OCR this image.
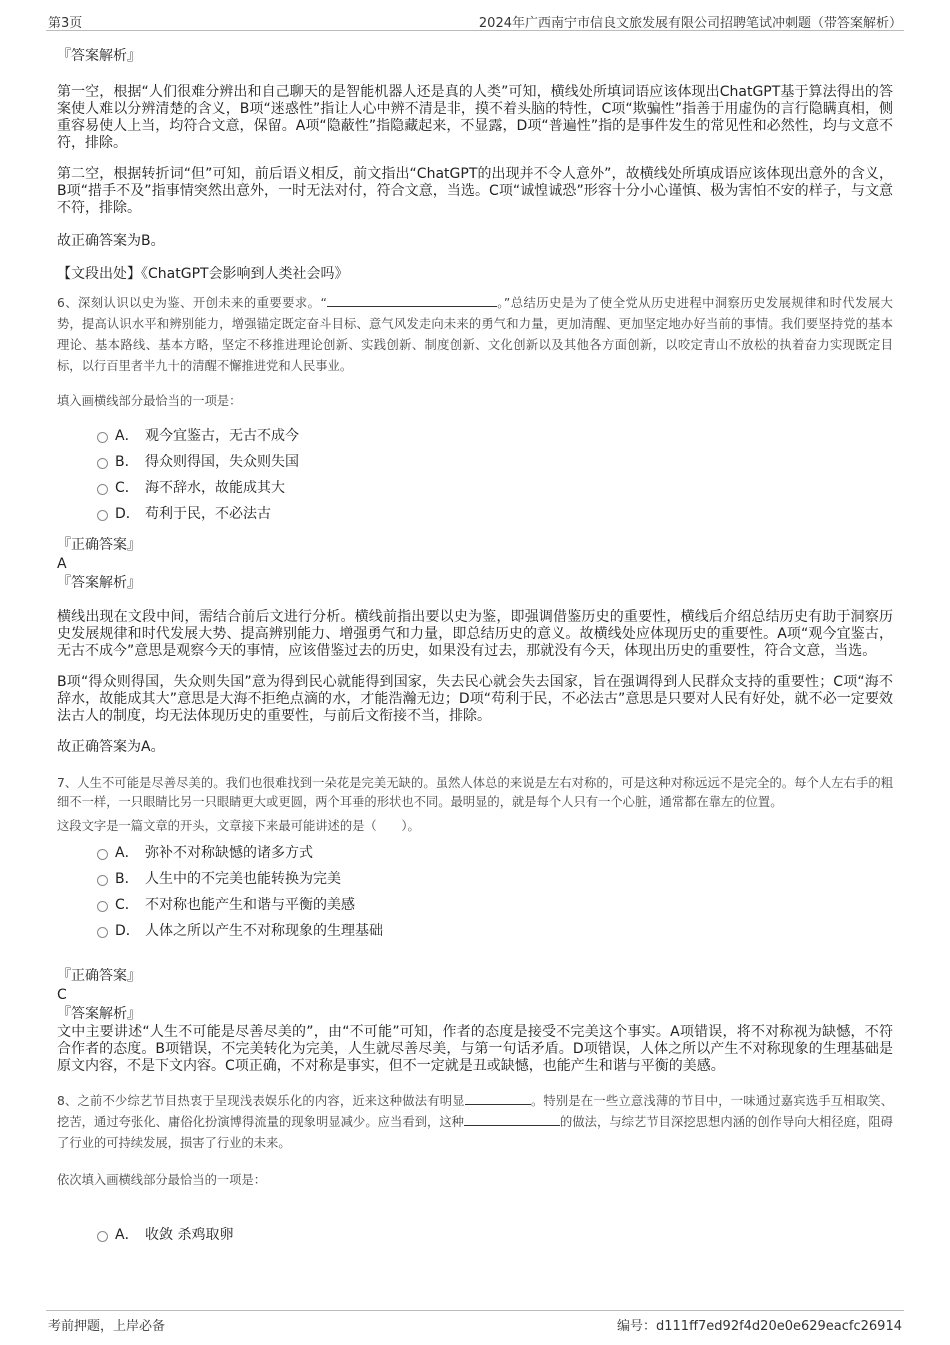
第3页	2024年广西南宁市信良文旅发展有限公司招聘笔试冲刺题（带答案解析）
『答案解析』

第一空，根据“人们很难分辨出和自己聊天的是智能机器人还是真的人类”可知，横线处所填词语应该体现出ChatGPT基于算法得出的答案使人难以分辨清楚的含义，B项“迷惑性”指让人心中辨不清是非，摸不着头脑的特性，C项“欺骗性”指善于用虚伪的言行隐瞒真相，侧重容易使人上当，均符合文意，保留。A项“隐蔽性”指隐藏起来，不显露，D项“普遍性”指的是事件发生的常见性和必然性，均与文意不符，排除。

第二空，根据转折词“但”可知，前后语义相反，前文指出“ChatGPT的出现并不令人意外”，故横线处所填成语应该体现出意外的含义，B项“措手不及”指事情突然出意外，一时无法对付，符合文意，当选。C项“诚惶诚恐”形容十分小心谨慎、极为害怕不安的样子，与文意不符，排除。

故正确答案为B。

【文段出处】《ChatGPT会影响到人类社会吗》

6、深刻认识以史为鉴、开创未来的重要要求。“	。”总结历史是为了使全党从历史进程中洞察历史发展规律和时代发展大势，提高认识水平和辨别能力，增强锚定既定奋斗目标、意气风发走向未来的勇气和力量，更加清醒、更加坚定地办好当前的事情。我们要坚持党的基本理论、基本路线、基本方略，坚定不移推进理论创新、实践创新、制度创新、文化创新以及其他各方面创新，以咬定青山不放松的执着奋力实现既定目标，以行百里者半九十的清醒不懈推进党和人民事业。

填入画横线部分最恰当的一项是：

A． 观今宜鉴古，无古不成今
B． 得众则得国，失众则失国
C． 海不辞水，故能成其大
D． 苟利于民，不必法古
『正确答案』
A
『答案解析』

横线出现在文段中间，需结合前后文进行分析。横线前指出要以史为鉴，即强调借鉴历史的重要性，横线后介绍总结历史有助于洞察历史发展规律和时代发展大势、提高辨别能力、增强勇气和力量，即总结历史的意义。故横线处应体现历史的重要性。A项“观今宜鉴古，无古不成今”意思是观察今天的事情，应该借鉴过去的历史，如果没有过去，那就没有今天，体现出历史的重要性，符合文意，当选。

B项“得众则得国，失众则失国”意为得到民心就能得到国家，失去民心就会失去国家，旨在强调得到人民群众支持的重要性；C项“海不辞水，故能成其大”意思是大海不拒绝点滴的水，才能浩瀚无边；D项“苟利于民，不必法古”意思是只要对人民有好处，就不必一定要效法古人的制度，均无法体现历史的重要性，与前后文衔接不当，排除。

故正确答案为A。

7、人生不可能是尽善尽美的。我们也很难找到一朵花是完美无缺的。虽然人体总的来说是左右对称的，可是这种对称远远不是完全的。每个人左右手的粗细不一样，一只眼睛比另一只眼睛更大或更圆，两个耳垂的形状也不同。最明显的，就是每个人只有一个心脏，通常都在靠左的位置。

这段文字是一篇文章的开头，文章接下来最可能讲述的是（　　）。

A． 弥补不对称缺憾的诸多方式
B． 人生中的不完美也能转换为完美
C． 不对称也能产生和谐与平衡的美感
D． 人体之所以产生不对称现象的生理基础
『正确答案』
C
『答案解析』

文中主要讲述“人生不可能是尽善尽美的”，由“不可能”可知，作者的态度是接受不完美这个事实。A项错误，将不对称视为缺憾，不符合作者的态度。B项错误，不完美转化为完美，人生就尽善尽美，与第一句话矛盾。D项错误，人体之所以产生不对称现象的生理基础是原文内容，不是下文内容。C项正确，不对称是事实，但不一定就是丑或缺憾，也能产生和谐与平衡的美感。

8、之前不少综艺节目热衷于呈现浅表娱乐化的内容，近来这种做法有明显	。特别是在一些立意浅薄的节目中，一味通过嘉宾选手互相取笑、挖苦，通过夸张化、庸俗化扮演博得流量的现象明显减少。应当看到，这种	的做法，与综艺节目深挖思想内涵的创作导向大相径庭，阻碍了行业的可持续发展，损害了行业的未来。

依次填入画横线部分最恰当的一项是：

A． 收敛 杀鸡取卵
考前押题，上岸必备	编号：d111ff7ed92f4d20e0e629eacfc26914
